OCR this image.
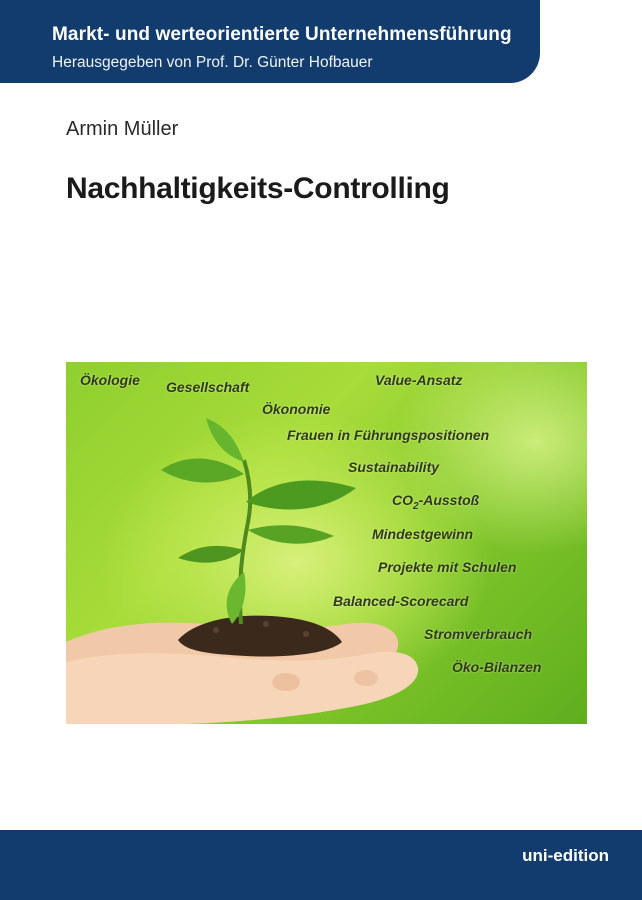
Markt- und werteorientierte Unternehmensführung
Herausgegeben von Prof. Dr. Günter Hofbauer
Armin Müller
Nachhaltigkeits-Controlling
Ökologie Gesellschaft	Value-Ansatz
Ökonomie
Frauen in Führungspositionen
Sustainability
$CO_2$-Ausstoß
Mindestgewinn
Projekte mit Schulen
Balanced-Scorecard
Stromverbrauch
Öko-Bilanzen
uni-edition
